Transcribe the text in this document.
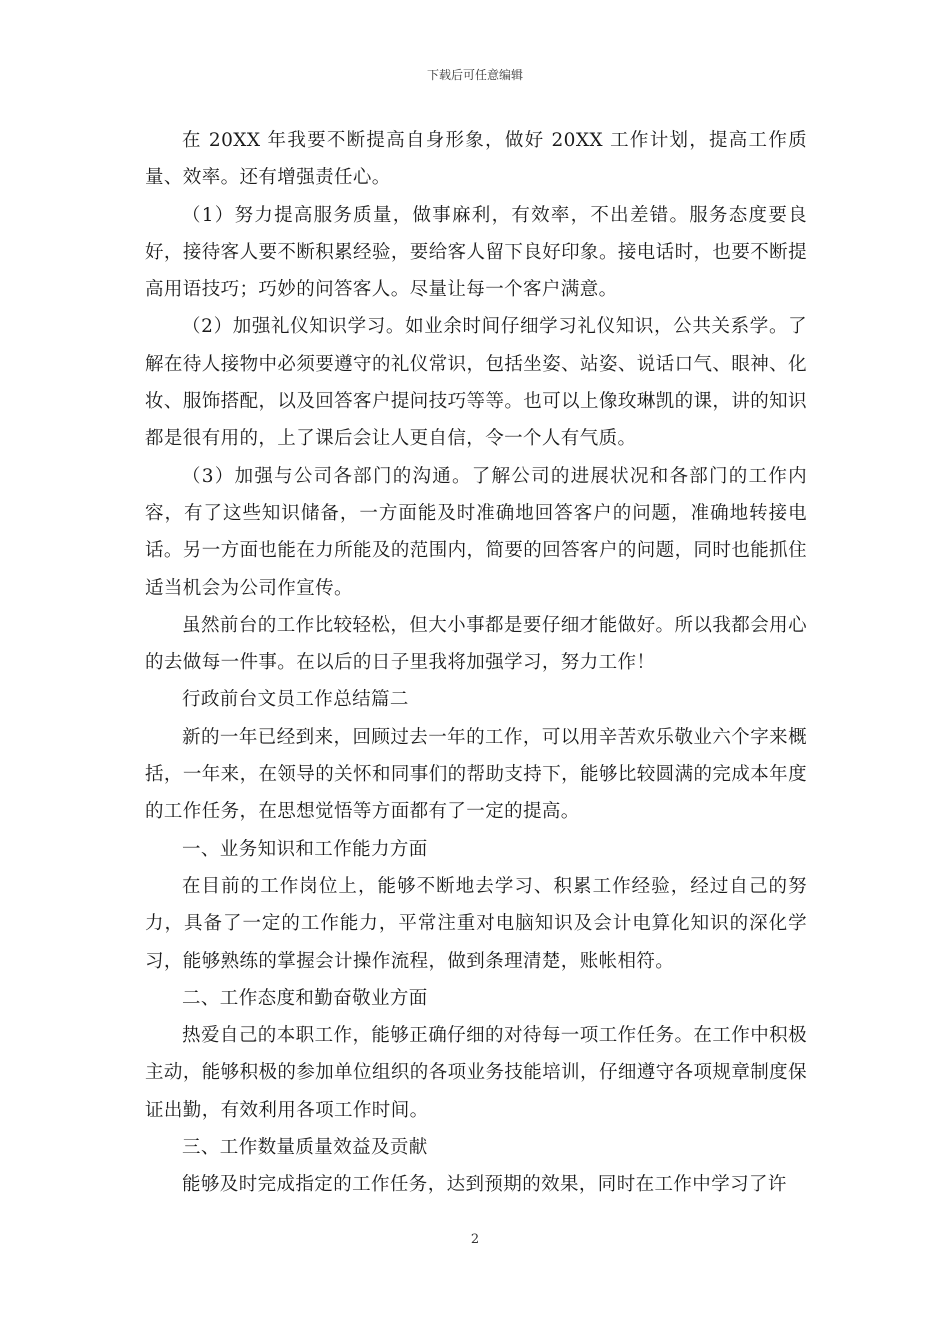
下载后可任意编辑

在 20XX 年我要不断提高自身形象，做好 20XX 工作计划，提高工作质量、效率。还有增强责任心。

（1）努力提高服务质量，做事麻利，有效率，不出差错。服务态度要良好，接待客人要不断积累经验，要给客人留下良好印象。接电话时，也要不断提高用语技巧；巧妙的问答客人。尽量让每一个客户满意。

（2）加强礼仪知识学习。如业余时间仔细学习礼仪知识，公共关系学。了解在待人接物中必须要遵守的礼仪常识，包括坐姿、站姿、说话口气、眼神、化妆、服饰搭配，以及回答客户提问技巧等等。也可以上像玫琳凯的课，讲的知识都是很有用的，上了课后会让人更自信，令一个人有气质。

（3）加强与公司各部门的沟通。了解公司的进展状况和各部门的工作内容，有了这些知识储备，一方面能及时准确地回答客户的问题，准确地转接电话。另一方面也能在力所能及的范围内，简要的回答客户的问题，同时也能抓住适当机会为公司作宣传。

虽然前台的工作比较轻松，但大小事都是要仔细才能做好。所以我都会用心的去做每一件事。在以后的日子里我将加强学习，努力工作！

行政前台文员工作总结篇二

新的一年已经到来，回顾过去一年的工作，可以用辛苦欢乐敬业六个字来概括，一年来，在领导的关怀和同事们的帮助支持下，能够比较圆满的完成本年度的工作任务，在思想觉悟等方面都有了一定的提高。

一、业务知识和工作能力方面

在目前的工作岗位上，能够不断地去学习、积累工作经验，经过自己的努力，具备了一定的工作能力，平常注重对电脑知识及会计电算化知识的深化学习，能够熟练的掌握会计操作流程，做到条理清楚，账帐相符。

二、工作态度和勤奋敬业方面

热爱自己的本职工作，能够正确仔细的对待每一项工作任务。在工作中积极主动，能够积极的参加单位组织的各项业务技能培训，仔细遵守各项规章制度保证出勤，有效利用各项工作时间。

三、工作数量质量效益及贡献

能够及时完成指定的工作任务，达到预期的效果，同时在工作中学习了许

2
